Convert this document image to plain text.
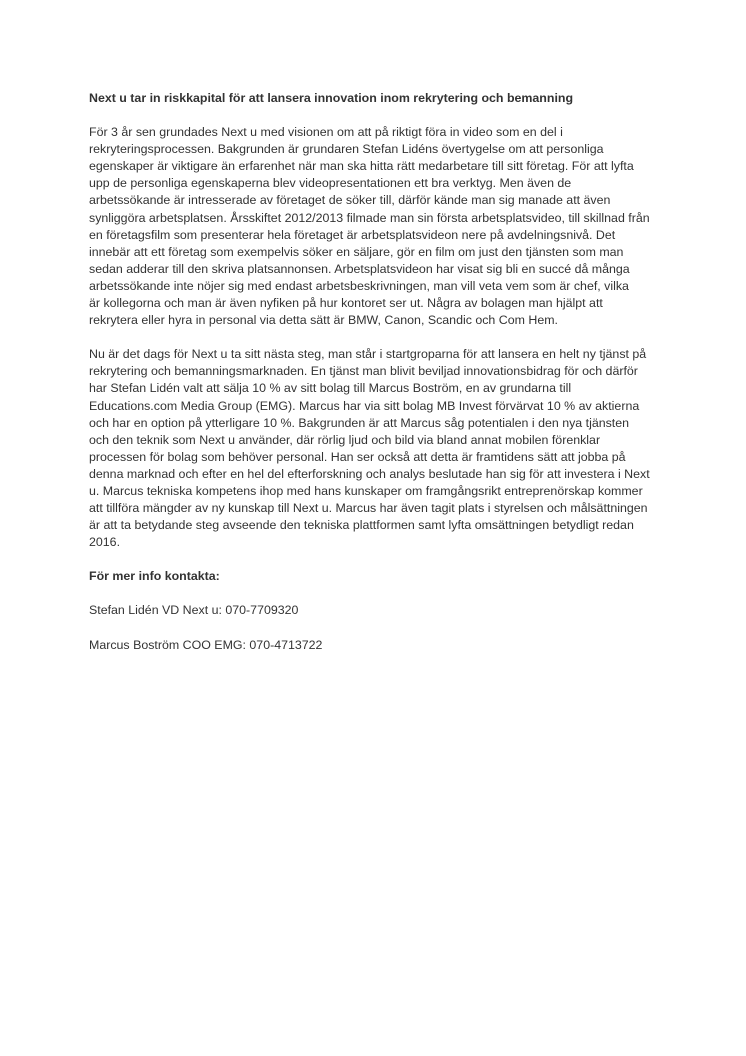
Next u tar in riskkapital för att lansera innovation inom rekrytering och bemanning
För 3 år sen grundades Next u med visionen om att på riktigt föra in video som en del i
rekryteringsprocessen. Bakgrunden är grundaren Stefan Lidéns övertygelse om att personliga
egenskaper är viktigare än erfarenhet när man ska hitta rätt medarbetare till sitt företag. För att lyfta
upp de personliga egenskaperna blev videopresentationen ett bra verktyg. Men även de
arbetssökande är intresserade av företaget de söker till, därför kände man sig manade att även
synliggöra arbetsplatsen. Årsskiftet 2012/2013 filmade man sin första arbetsplatsvideo, till skillnad från
en företagsfilm som presenterar hela företaget är arbetsplatsvideon nere på avdelningsnivå. Det
innebär att ett företag som exempelvis söker en säljare, gör en film om just den tjänsten som man
sedan adderar till den skriva platsannonsen. Arbetsplatsvideon har visat sig bli en succé då många
arbetssökande inte nöjer sig med endast arbetsbeskrivningen, man vill veta vem som är chef, vilka
är kollegorna och man är även nyfiken på hur kontoret ser ut. Några av bolagen man hjälpt att
rekrytera eller hyra in personal via detta sätt är BMW, Canon, Scandic och Com Hem.
Nu är det dags för Next u ta sitt nästa steg, man står i startgroparna för att lansera en helt ny tjänst på
rekrytering och bemanningsmarknaden. En tjänst man blivit beviljad innovationsbidrag för och därför
har Stefan Lidén valt att sälja 10 % av sitt bolag till Marcus Boström, en av grundarna till
Educations.com Media Group (EMG). Marcus har via sitt bolag MB Invest förvärvat 10 % av aktierna
och har en option på ytterligare 10 %. Bakgrunden är att Marcus såg potentialen i den nya tjänsten
och den teknik som Next u använder, där rörlig ljud och bild via bland annat mobilen förenklar
processen för bolag som behöver personal. Han ser också att detta är framtidens sätt att jobba på
denna marknad och efter en hel del efterforskning och analys beslutade han sig för att investera i Next
u. Marcus tekniska kompetens ihop med hans kunskaper om framgångsrikt entreprenörskap kommer
att tillföra mängder av ny kunskap till Next u. Marcus har även tagit plats i styrelsen och målsättningen
är att ta betydande steg avseende den tekniska plattformen samt lyfta omsättningen betydligt redan
2016.
För mer info kontakta:
Stefan Lidén VD Next u: 070-7709320
Marcus Boström COO EMG: 070-4713722
